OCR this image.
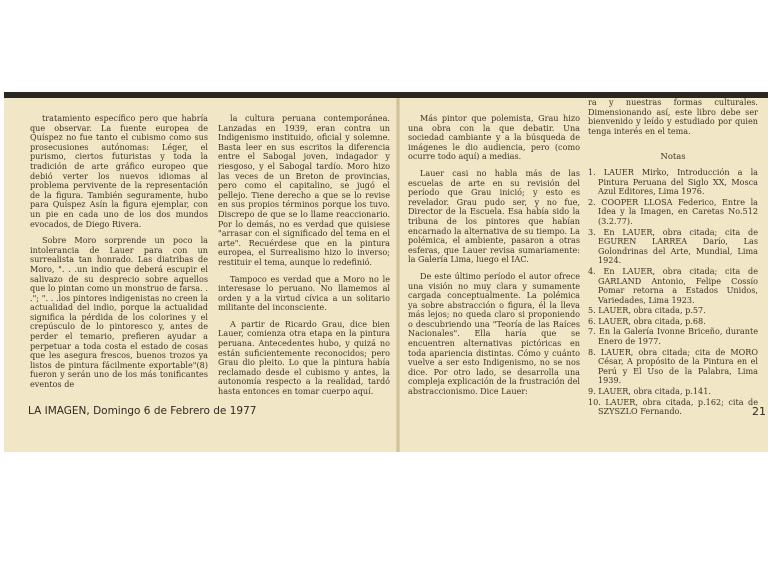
tratamiento específico pero que habría que observar. La fuente europea de Quíspez no fue tanto el cubismo como sus prosecusiones autónomas: Léger, el purismo, ciertos futuristas y toda la tradición de arte gráfico europeo que debió verter los nuevos idiomas al problema pervivente de la representación de la figura. También seguramente, hubo para Quíspez Asín la figura ejemplar, con un pie en cada uno de los dos mundos evocados, de Diego Rivera.

Sobre Moro sorprende un poco la intolerancia de Lauer para con un surrealista tan honrado. Las diatribas de Moro, ". . .un indio que deberá escupir el salivazo de su desprecio sobre aquellos que lo pintan como un monstruo de farsa. . ."; ". . .los pintores indigenistas no creen la actualidad del indio, porque la actualidad significa la pérdida de los colorines y el crepúsculo de lo pintoresco y, antes de perder el temario, prefieren ayudar a perpetuar a toda costa el estado de cosas que les asegura frescos, buenos trozos ya listos de pintura fácilmente exportable"(8) fueron y serán uno de los más tonificantes eventos de

la cultura peruana contemporánea. Lanzadas en 1939, eran contra un Indigenismo instituido, oficial y solemne. Basta leer en sus escritos la diferencia entre el Sabogal joven, indagador y riesgoso, y el Sabogal tardío. Moro hizo las veces de un Breton de provincias, pero como el capitalino, se jugó el pellejo. Tiene derecho a que se lo revise en sus propios términos porque los tuvo. Discrepo de que se lo llame reaccionario. Por lo demás, no es verdad que quisiese "arrasar con el significado del tema en el arte". Recuérdese que en la pintura europea, el Surrealismo hizo lo inverso; restituir el tema, aunque lo redefinió.

Tampoco es verdad que a Moro no le interesase lo peruano. No llamemos al orden y a la virtud cívica a un solitario militante del inconsciente.

A partir de Ricardo Grau, dice bien Lauer, comienza otra etapa en la pintura peruana. Antecedentes hubo, y quizá no están suficientemente reconocidos; pero Grau dio pleito. Lo que la pintura había reclamado desde el cubismo y antes, la autonomía respecto a la realidad, tardó hasta entonces en tomar cuerpo aquí.

Más pintor que polemista, Grau hizo una obra con la que debatir. Una sociedad cambiante y a la búsqueda de imágenes le dio audiencia, pero (como ocurre todo aquí) a medias.

Lauer casi no habla más de las escuelas de arte en su revisión del período que Grau inició; y esto es revelador. Grau pudo ser, y no fue, Director de la Escuela. Esa había sido la tribuna de los pintores que habían encarnado la alternativa de su tiempo. La polémica, el ambiente, pasaron a otras esferas, que Lauer revisa sumariamente: la Galería Lima, luego el IAC.

De este último período el autor ofrece una visión no muy clara y sumamente cargada conceptualmente. La polémica ya sobre abstracción o figura, él la lleva más lejos; no queda claro si proponiendo o descubriendo una "Teoría de las Raíces Nacionales". Ella haría que se encuentren alternativas pictóricas en toda apariencia distintas. Cómo y cuánto vuelve a ser esto Indigenismo, no se nos dice. Por otro lado, se desarrolla una compleja explicación de la frustración del abstraccionismo. Dice Lauer:

ra y nuestras formas culturales. Dimensionando así, este libro debe ser bienvenido y leído y estudiado por quien tenga interés en el tema.

Notas
1. LAUER Mirko, Introducción a la Pintura Peruana del Siglo XX, Mosca Azul Editores, Lima 1976.
2. COOPER LLOSA Federico, Entre la Idea y la Imagen, en Caretas No.512 (3.2.77).
3. En LAUER, obra citada; cita de EGUREN LARREA Darío, Las Golondrinas del Arte, Mundial, Lima 1924.
4. En LAUER, obra citada; cita de GARLAND Antonio, Felipe Cossío Pomar retorna a Estados Unidos, Variedades, Lima 1923.
5. LAUER, obra citada, p.57.
6. LAUER, obra citada, p.68.
7. En la Galería Ivonne Briceño, durante Enero de 1977.
8. LAUER, obra citada; cita de MORO César, A propósito de la Pintura en el Perú y El Uso de la Palabra, Lima 1939.
9. LAUER, obra citada, p.141.
10. LAUER, obra citada, p.162; cita de SZYSZLO Fernando.
LA IMAGEN, Domingo 6 de Febrero de 1977	21
